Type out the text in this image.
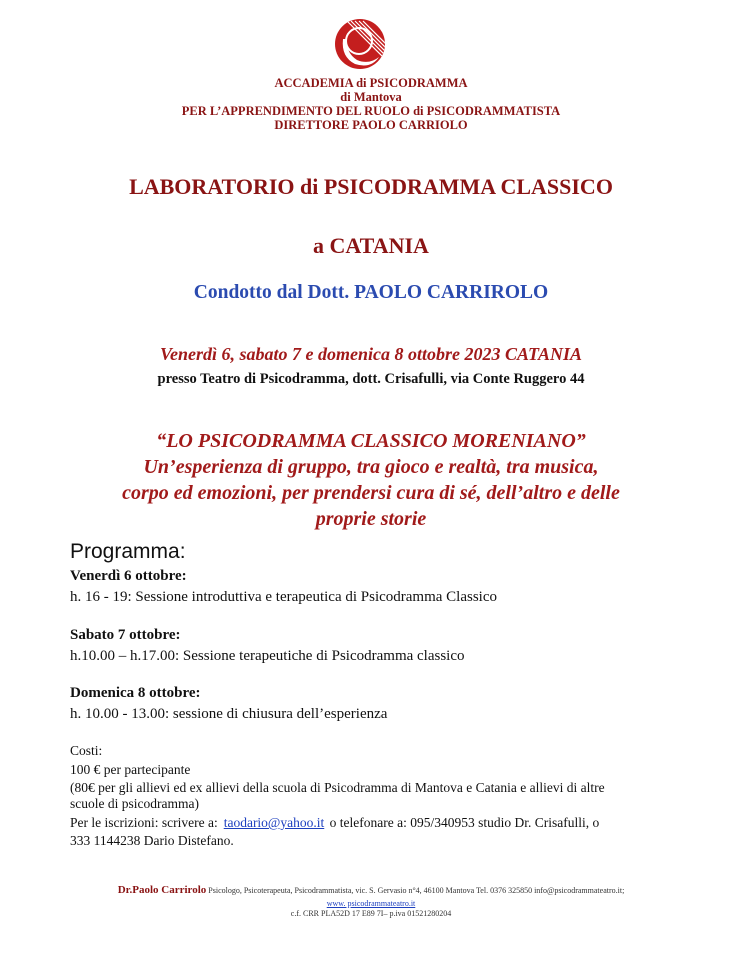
ACCADEMIA di PSICODRAMMA
di Mantova
PER L’APPRENDIMENTO DEL RUOLO di PSICODRAMMATISTA
DIRETTORE PAOLO CARRIOLO
LABORATORIO di PSICODRAMMA CLASSICO
a CATANIA
Condotto dal Dott. PAOLO CARRIROLO
Venerdì 6, sabato 7 e domenica 8 ottobre 2023 CATANIA
presso Teatro di Psicodramma, dott. Crisafulli, via Conte Ruggero 44
“LO PSICODRAMMA CLASSICO MORENIANO”
Un’esperienza di gruppo, tra gioco e realtà, tra musica,
corpo ed emozioni, per prendersi cura di sé, dell’altro e delle
proprie storie
Programma:
Venerdì 6 ottobre:
h. 16 - 19: Sessione introduttiva e terapeutica di Psicodramma Classico
Sabato 7 ottobre:
h.10.00 – h.17.00: Sessione terapeutiche di Psicodramma classico
Domenica 8 ottobre:
h. 10.00 - 13.00: sessione di chiusura dell’esperienza
Costi:
100 € per partecipante
(80€ per gli allievi ed ex allievi della scuola di Psicodramma di Mantova e Catania e allievi di altre
scuole di psicodramma)
Per le iscrizioni: scrivere a: taodario@yahoo.it o telefonare a: 095/340953 studio Dr. Crisafulli, o
333 1144238 Dario Distefano.
Dr.Paolo Carrirolo Psicologo, Psicoterapeuta, Psicodrammatista, vic. S. Gervasio n°4, 46100 Mantova Tel. 0376 325850 info@psicodrammateatro.it;
www. psicodrammateatro.it
c.f. CRR PLA52D 17 E89 7I– p.iva 01521280204
